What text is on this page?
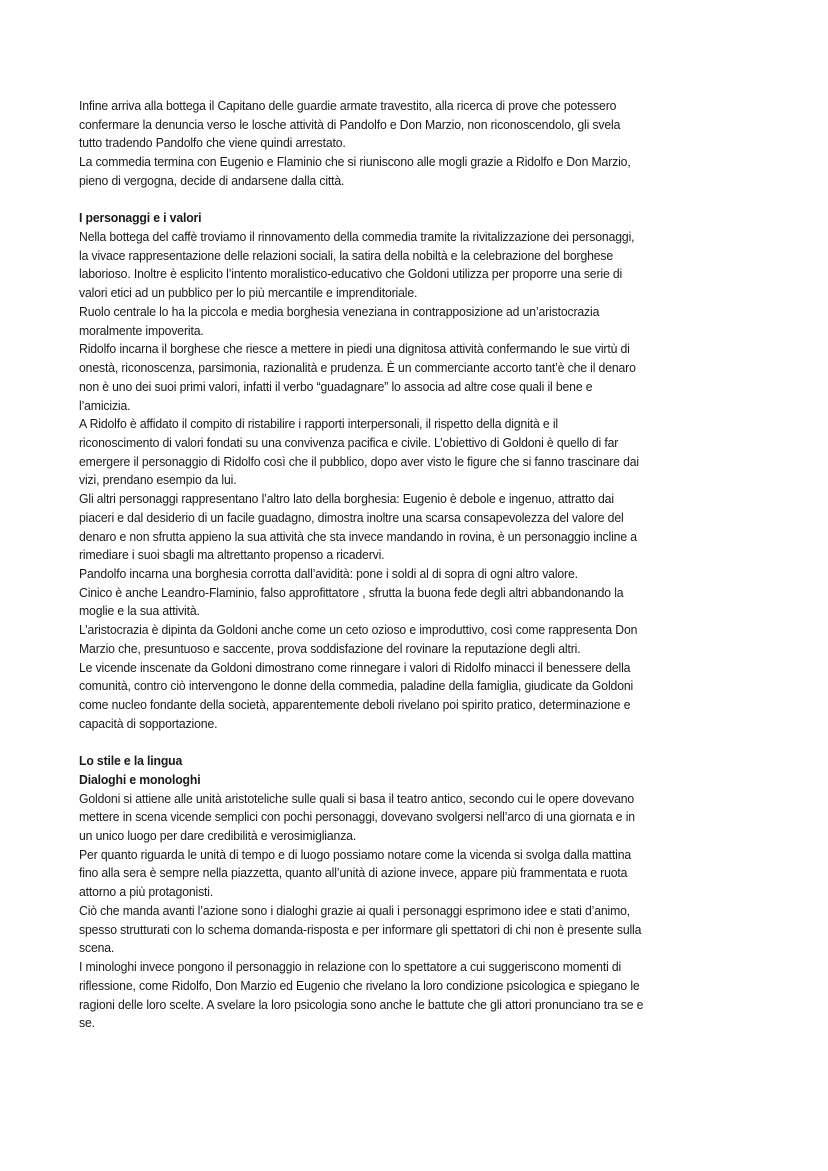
Infine arriva alla bottega il Capitano delle guardie armate travestito, alla ricerca di prove che potessero
confermare la denuncia verso le losche attività di Pandolfo e Don Marzio, non riconoscendolo, gli svela
tutto tradendo Pandolfo che viene quindi arrestato.
La commedia termina con Eugenio e Flaminio che si riuniscono alle mogli grazie a Ridolfo e Don Marzio,
pieno di vergogna, decide di andarsene dalla città.
I personaggi e i valori
Nella bottega del caffè troviamo il rinnovamento della commedia tramite la rivitalizzazione dei personaggi,
la vivace rappresentazione delle relazioni sociali, la satira della nobiltà e la celebrazione del borghese
laborioso. Inoltre è esplicito l’intento moralistico-educativo che Goldoni utilizza per proporre una serie di
valori etici ad un pubblico per lo più mercantile e imprenditoriale.
Ruolo centrale lo ha la piccola e media borghesia veneziana in contrapposizione ad un’aristocrazia
moralmente impoverita.
Ridolfo incarna il borghese che riesce a mettere in piedi una dignitosa attività confermando le sue virtù di
onestà, riconoscenza, parsimonia, razionalità e prudenza. È un commerciante accorto tant’è che il denaro
non è uno dei suoi primi valori, infatti il verbo “guadagnare” lo associa ad altre cose quali il bene e
l’amicizia.
A Ridolfo è affidato il compito di ristabilire i rapporti interpersonali, il rispetto della dignità e il
riconoscimento di valori fondati su una convivenza pacifica e civile. L’obiettivo di Goldoni è quello di far
emergere il personaggio di Ridolfo così che il pubblico, dopo aver visto le figure che si fanno trascinare dai
vizi, prendano esempio da lui.
Gli altri personaggi rappresentano l’altro lato della borghesia: Eugenio è debole e ingenuo, attratto dai
piaceri e dal desiderio di un facile guadagno, dimostra inoltre una scarsa consapevolezza del valore del
denaro e non sfrutta appieno la sua attività che sta invece mandando in rovina, è un personaggio incline a
rimediare i suoi sbagli ma altrettanto propenso a ricadervi.
Pandolfo incarna una borghesia corrotta dall’avidità: pone i soldi al di sopra di ogni altro valore.
Cinico è anche Leandro-Flaminio, falso approfittatore , sfrutta la buona fede degli altri abbandonando la
moglie e la sua attività.
L’aristocrazia è dipinta da Goldoni anche come un ceto ozioso e improduttivo, così come rappresenta Don
Marzio che, presuntuoso e saccente, prova soddisfazione del rovinare la reputazione degli altri.
Le vicende inscenate da Goldoni dimostrano come rinnegare i valori di Ridolfo minacci il benessere della
comunità, contro ciò intervengono le donne della commedia, paladine della famiglia, giudicate da Goldoni
come nucleo fondante della società, apparentemente deboli rivelano poi spirito pratico, determinazione e
capacità di sopportazione.
Lo stile e la lingua
Dialoghi e monologhi
Goldoni si attiene alle unità aristoteliche sulle quali si basa il teatro antico, secondo cui le opere dovevano
mettere in scena vicende semplici con pochi personaggi, dovevano svolgersi nell’arco di una giornata e in
un unico luogo per dare credibilità e verosimiglianza.
Per quanto riguarda le unità di tempo e di luogo possiamo notare come la vicenda si svolga dalla mattina
fino alla sera è sempre nella piazzetta, quanto all’unità di azione invece, appare più frammentata e ruota
attorno a più protagonisti.
Ciò che manda avanti l’azione sono i dialoghi grazie ai quali i personaggi esprimono idee e stati d’animo,
spesso strutturati con lo schema domanda-risposta e per informare gli spettatori di chi non è presente sulla
scena.
I minologhi invece pongono il personaggio in relazione con lo spettatore a cui suggeriscono momenti di
riflessione, come Ridolfo, Don Marzio ed Eugenio che rivelano la loro condizione psicologica e spiegano le
ragioni delle loro scelte. A svelare la loro psicologia sono anche le battute che gli attori pronunciano tra se e
se.
